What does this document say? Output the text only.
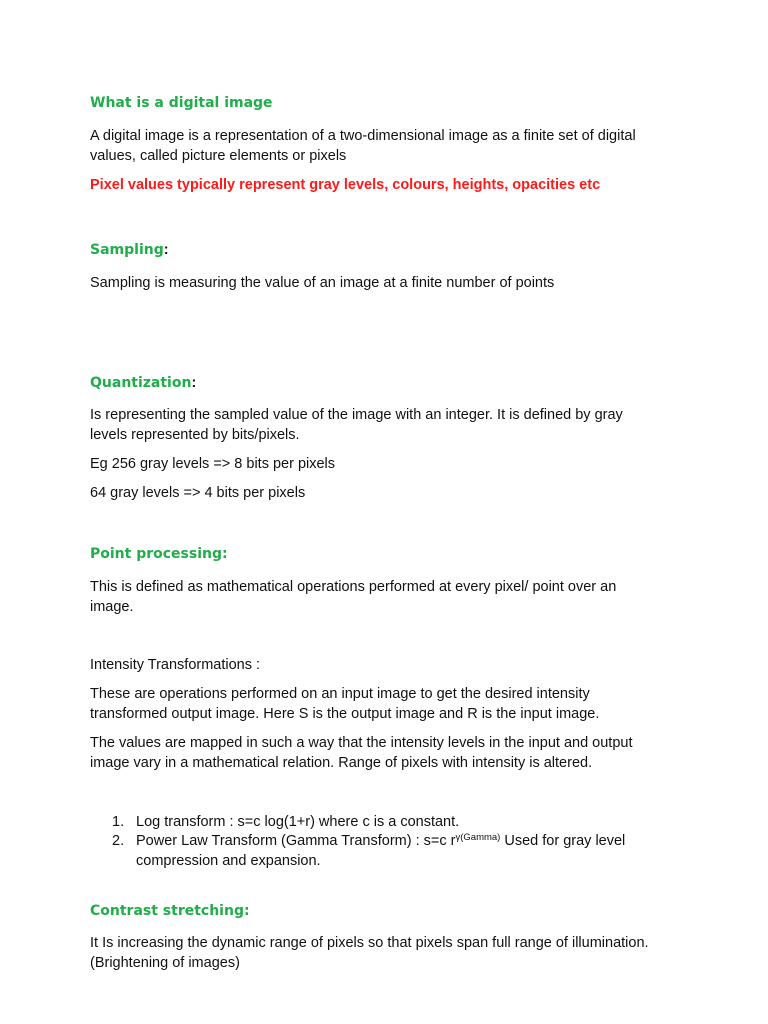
What is a digital image
A digital image is a representation of a two-dimensional image as a finite set of digital values, called picture elements or pixels
Pixel values typically represent gray levels, colours, heights, opacities etc
Sampling:
Sampling is measuring the value of an image at a finite number of points
Quantization:
Is representing the sampled value of the image with an integer. It is defined by gray levels represented by bits/pixels.
Eg 256 gray levels => 8 bits per pixels
64 gray levels => 4 bits per pixels
Point processing:
This is defined as mathematical operations performed at every pixel/ point over an image.
Intensity Transformations :
These are operations performed on an input image to get the desired intensity transformed output image. Here S is the output image and R is the input image.
The values are mapped in such a way that the intensity levels in the input and output image vary in a mathematical relation. Range of pixels with intensity is altered.
1. Log transform : s=c log(1+r) where c is a constant.
2. Power Law Transform (Gamma Transform) : s=c $r^{\gamma(Gamma)}$ Used for gray level compression and expansion.
Contrast stretching:
It Is increasing the dynamic range of pixels so that pixels span full range of illumination. (Brightening of images)
